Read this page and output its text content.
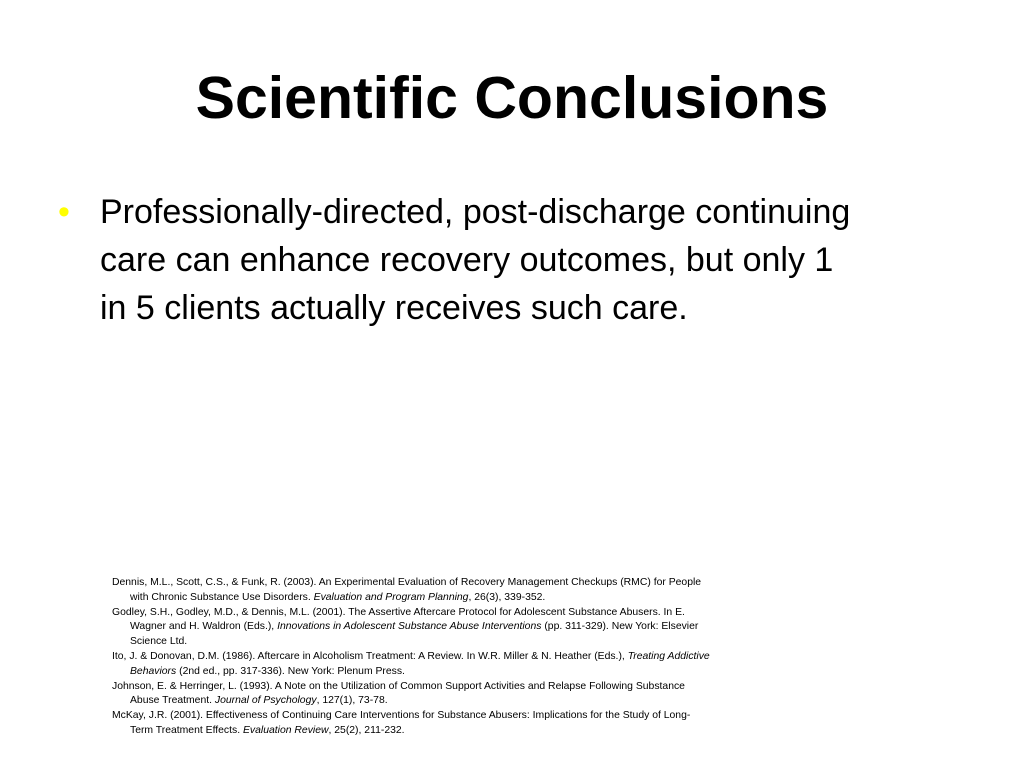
Scientific Conclusions
• Professionally-directed, post-discharge continuing care can enhance recovery outcomes, but only 1 in 5 clients actually receives such care.

Dennis, M.L., Scott, C.S., & Funk, R. (2003). An Experimental Evaluation of Recovery Management Checkups (RMC) for People with Chronic Substance Use Disorders. Evaluation and Program Planning, 26(3), 339-352.

Godley, S.H., Godley, M.D., & Dennis, M.L. (2001). The Assertive Aftercare Protocol for Adolescent Substance Abusers. In E. Wagner and H. Waldron (Eds.), Innovations in Adolescent Substance Abuse Interventions (pp. 311-329). New York: Elsevier Science Ltd.

Ito, J. & Donovan, D.M. (1986). Aftercare in Alcoholism Treatment: A Review. In W.R. Miller & N. Heather (Eds.), Treating Addictive Behaviors (2nd ed., pp. 317-336). New York: Plenum Press.

Johnson, E. & Herringer, L. (1993). A Note on the Utilization of Common Support Activities and Relapse Following Substance Abuse Treatment. Journal of Psychology, 127(1), 73-78.

McKay, J.R. (2001). Effectiveness of Continuing Care Interventions for Substance Abusers: Implications for the Study of Long-Term Treatment Effects. Evaluation Review, 25(2), 211-232.
